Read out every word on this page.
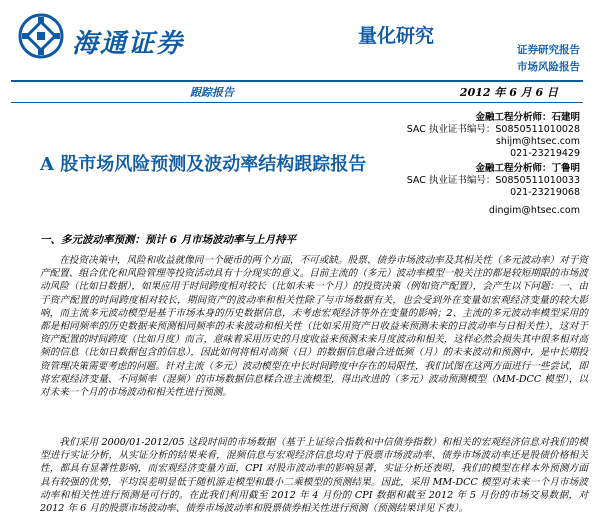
海通证券	量化研究
证券研究报告
市场风险报告
跟踪报告	2012 年 6 月 6 日
金融工程分析师：石建明
SAC 执业证书编号：S0850511010028
shijm@htsec.com
021-23219429
金融工程分析师：丁鲁明
SAC 执业证书编号：S0850511010033
021-23219068
dingim@htsec.com
A 股市场风险预测及波动率结构跟踪报告
一、多元波动率预测：预计 6 月市场波动率与上月持平

在投资决策中，风险和收益就像同一个硬币的两个方面，不可或缺。股票、债券市场波动率及其相关性（多元波动率）对于资产配置、组合优化和风险管理等投资活动具有十分现实的意义。目前主流的（多元）波动率模型一般关注的都是较短期限的市场波动风险（比如日数据），如果应用于时间跨度相对较长（比如未来一个月）的投资决策（例如资产配置），会产生以下问题：一、由于资产配置的时间跨度相对较长，期间资产的波动率和相关性除了与市场数据有关，也会受到外在变量如宏观经济变量的较大影响，而主流多元波动模型是基于市场本身的历史数据信息，未考虑宏观经济等外在变量的影响；2、主流的多元波动率模型采用的都是相同频率的历史数据来预测相同频率的未来波动和相关性（比如采用资产日收益来预测未来的日波动率与日相关性），这对于资产配置的时间跨度（比如月度）而言，意味着采用历史的月度收益来预测未来月度波动和相关，这样必然会损失其中很多相对高频的信息（比如日数据包含的信息），因此如何将相对高频（日）的数据信息融合进低频（月）的未来波动和预测中，是中长期投资管理决策需要考虑的问题。针对主流（多元）波动模型在中长时间跨度中存在的局限性，我们试图在这两方面进行一些尝试，即将宏观经济变量、不同频率（混频）的市场数据信息糅合进主流模型，得出改进的（多元）波动预测模型（MM-DCC 模型），以对未来一个月的市场波动和相关性进行预测。

我们采用 2000/01-2012/05 这段时间的市场数据（基于上证综合指数和中信债券指数）和相关的宏观经济信息对我们的模型进行实证分析，从实证分析的结果来看，混频信息与宏观经济信息均对于股票市场波动率、债券市场波动率还是股债价格相关性，都具有显著性影响，而宏观经济变量方面，CPI 对股市波动率的影响显著，实证分析还表明，我们的模型在样本外预测方面具有较强的优势，平均误差明显低于随机游走模型和最小二乘模型的预测结果。因此，采用 MM-DCC 模型对未来一个月市场波动率和相关性进行预测是可行的。在此我们利用截至 2012 年 4 月份的 CPI 数据和截至 2012 年 5 月份的市场交易数据，对 2012 年 6 月的股票市场波动率、债券市场波动率和股票债券相关性进行预测（预测结果详见下表）。
